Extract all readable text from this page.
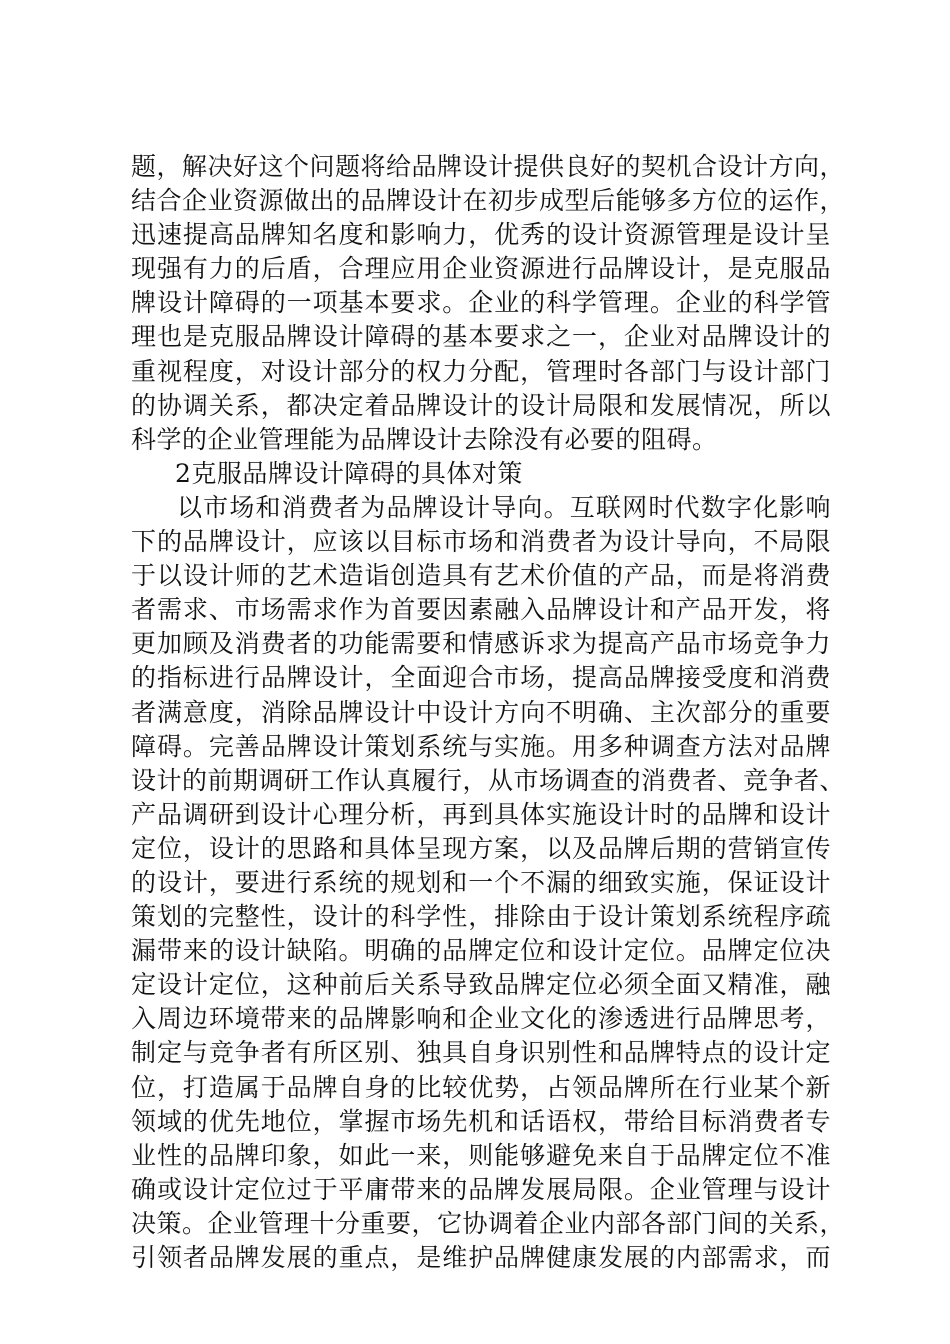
题，解决好这个问题将给品牌设计提供良好的契机合设计方向，
结合企业资源做出的品牌设计在初步成型后能够多方位的运作，
迅速提高品牌知名度和影响力，优秀的设计资源管理是设计呈
现强有力的后盾，合理应用企业资源进行品牌设计，是克服品
牌设计障碍的一项基本要求。企业的科学管理。企业的科学管
理也是克服品牌设计障碍的基本要求之一，企业对品牌设计的
重视程度，对设计部分的权力分配，管理时各部门与设计部门
的协调关系，都决定着品牌设计的设计局限和发展情况，所以
科学的企业管理能为品牌设计去除没有必要的阻碍。
2克服品牌设计障碍的具体对策
以市场和消费者为品牌设计导向。互联网时代数字化影响
下的品牌设计，应该以目标市场和消费者为设计导向，不局限
于以设计师的艺术造诣创造具有艺术价值的产品，而是将消费
者需求、市场需求作为首要因素融入品牌设计和产品开发，将
更加顾及消费者的功能需要和情感诉求为提高产品市场竞争力
的指标进行品牌设计，全面迎合市场，提高品牌接受度和消费
者满意度，消除品牌设计中设计方向不明确、主次部分的重要
障碍。完善品牌设计策划系统与实施。用多种调查方法对品牌
设计的前期调研工作认真履行，从市场调查的消费者、竞争者、
产品调研到设计心理分析，再到具体实施设计时的品牌和设计
定位，设计的思路和具体呈现方案，以及品牌后期的营销宣传
的设计，要进行系统的规划和一个不漏的细致实施，保证设计
策划的完整性，设计的科学性，排除由于设计策划系统程序疏
漏带来的设计缺陷。明确的品牌定位和设计定位。品牌定位决
定设计定位，这种前后关系导致品牌定位必须全面又精准，融
入周边环境带来的品牌影响和企业文化的渗透进行品牌思考，
制定与竞争者有所区别、独具自身识别性和品牌特点的设计定
位，打造属于品牌自身的比较优势，占领品牌所在行业某个新
领域的优先地位，掌握市场先机和话语权，带给目标消费者专
业性的品牌印象，如此一来，则能够避免来自于品牌定位不准
确或设计定位过于平庸带来的品牌发展局限。企业管理与设计
决策。企业管理十分重要，它协调着企业内部各部门间的关系，
引领者品牌发展的重点，是维护品牌健康发展的内部需求，而
